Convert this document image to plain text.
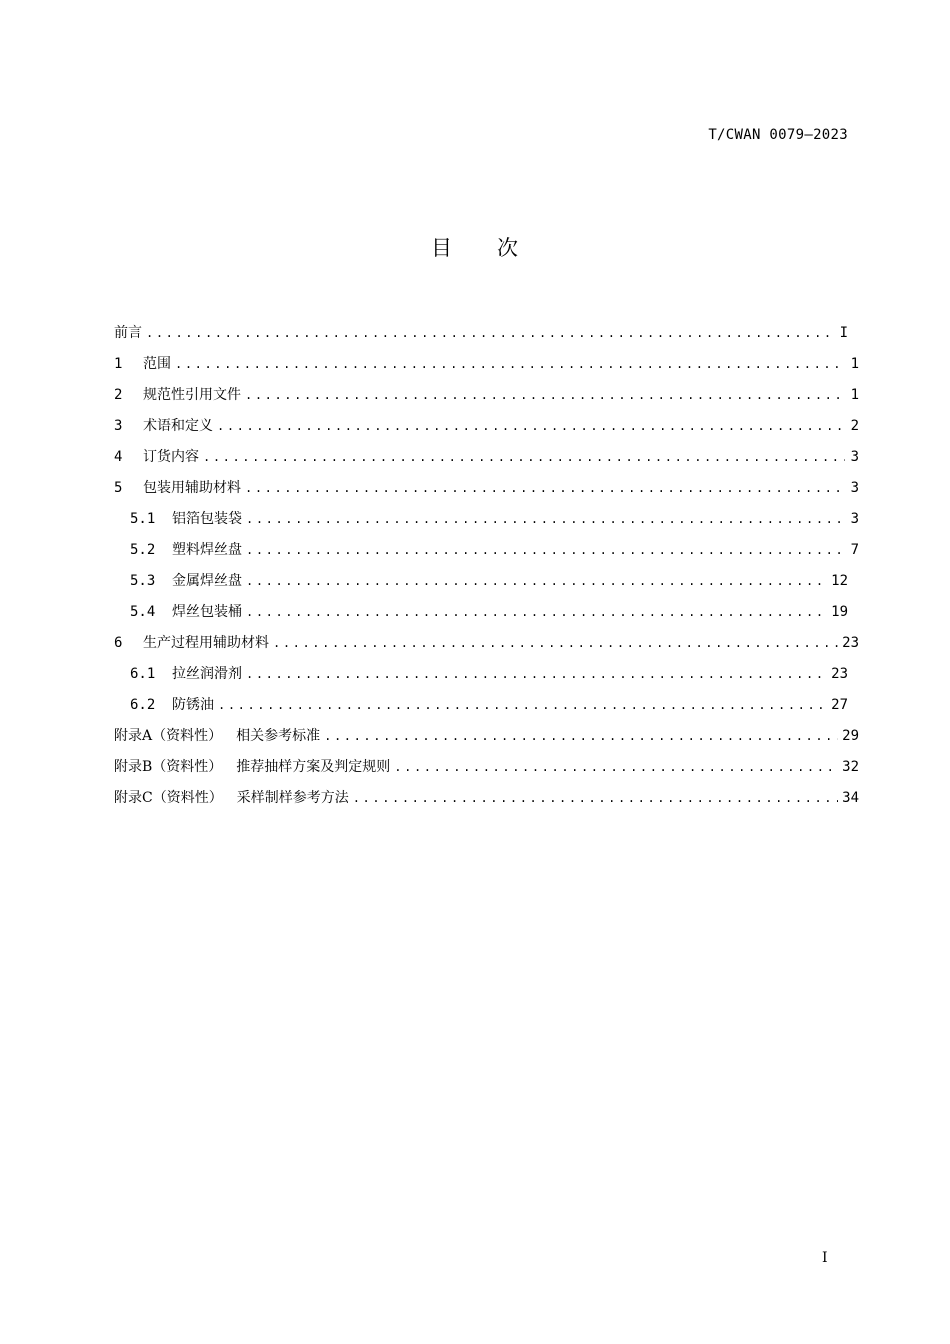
T/CWAN 0079—2023
目 次
前言 .....	I
1	范围 .....	1
2	规范性引用文件 .....	1
3	术语和定义 .....	2
4	订货内容 .....	3
5	包装用辅助材料 .....	3
5.1	铝箔包装袋 .....	3
5.2	塑料焊丝盘 .....	7
5.3	金属焊丝盘 .....	12
5.4	焊丝包装桶 .....	19
6	生产过程用辅助材料 .....	23
6.1	拉丝润滑剂 .....	23
6.2	防锈油 .....	27
附录A（资料性） 相关参考标准 .....	29
附录B（资料性） 推荐抽样方案及判定规则 .....	32
附录C（资料性） 采样制样参考方法 .....	34
I
